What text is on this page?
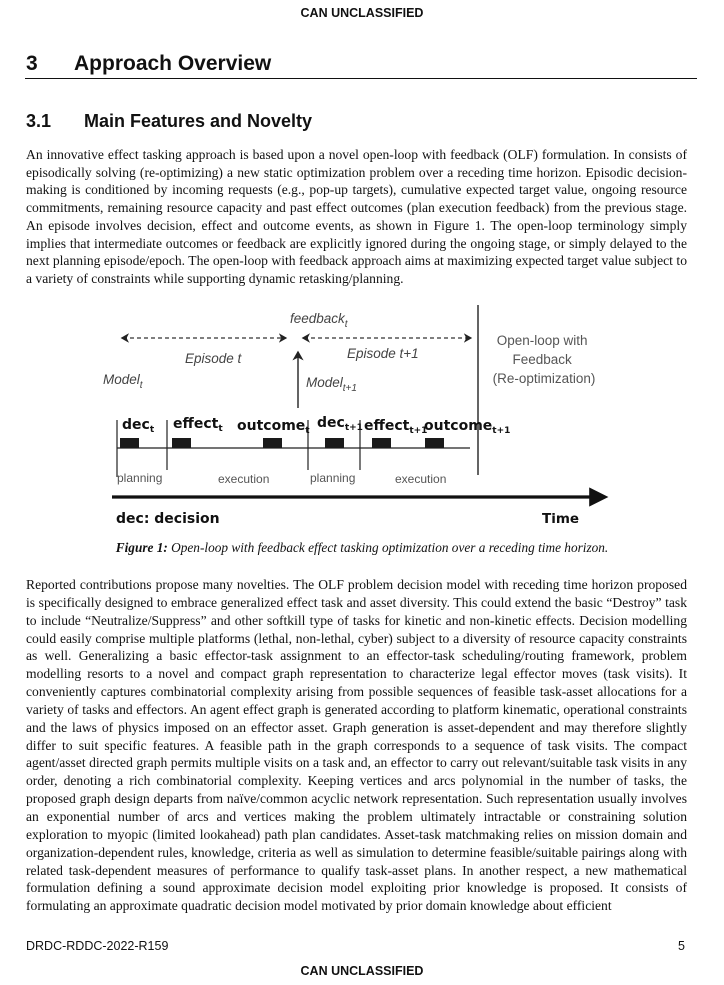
CAN UNCLASSIFIED
3 Approach Overview
3.1 Main Features and Novelty
An innovative effect tasking approach is based upon a novel open-loop with feedback (OLF) formulation. In consists of episodically solving (re-optimizing) a new static optimization problem over a receding time horizon. Episodic decision-making is conditioned by incoming requests (e.g., pop-up targets), cumulative expected target value, ongoing resource commitments, remaining resource capacity and past effect outcomes (plan execution feedback) from the previous stage. An episode involves decision, effect and outcome events, as shown in Figure 1. The open-loop terminology simply implies that intermediate outcomes or feedback are explicitly ignored during the ongoing stage, or simply delayed to the next planning episode/epoch. The open-loop with feedback approach aims at maximizing expected target value subject to a variety of constraints while supporting dynamic retasking/planning.
feedback$_t$
Episode t	Episode t+1
Model$_t$	Model$_{t+1}$
Open-loop with Feedback (Re-optimization)
dec$_t$ effect$_t$ outcome$_t$ dec$_{t+1}$ effect$_{t+1}$
outcome$_{t+1}$
planning	execution	planning	execution
dec: decision	Time
Figure 1: Open-loop with feedback effect tasking optimization over a receding time horizon.
Reported contributions propose many novelties. The OLF problem decision model with receding time horizon proposed is specifically designed to embrace generalized effect task and asset diversity. This could extend the basic “Destroy” task to include “Neutralize/Suppress” and other softkill type of tasks for kinetic and non-kinetic effects. Decision modelling could easily comprise multiple platforms (lethal, non-lethal, cyber) subject to a diversity of resource capacity constraints as well. Generalizing a basic effector-task assignment to an effector-task scheduling/routing framework, problem modelling resorts to a novel and compact graph representation to characterize legal effector moves (task visits). It conveniently captures combinatorial complexity arising from possible sequences of feasible task-asset allocations for a variety of tasks and effectors. An agent effect graph is generated according to platform kinematic, operational constraints and the laws of physics imposed on an effector asset. Graph generation is asset-dependent and may therefore slightly differ to suit specific features. A feasible path in the graph corresponds to a sequence of task visits. The compact agent/asset directed graph permits multiple visits on a task and, an effector to carry out relevant/suitable task visits in any order, denoting a rich combinatorial complexity. Keeping vertices and arcs polynomial in the number of tasks, the proposed graph design departs from naïve/common acyclic network representation. Such representation usually involves an exponential number of arcs and vertices making the problem ultimately intractable or constraining solution exploration to myopic (limited lookahead) path plan candidates. Asset-task matchmaking relies on mission domain and organization-dependent rules, knowledge, criteria as well as simulation to determine feasible/suitable pairings along with related task-dependent measures of performance to qualify task-asset plans. In another respect, a new mathematical formulation defining a sound approximate decision model exploiting prior knowledge is proposed. It consists of formulating an approximate quadratic decision model motivated by prior domain knowledge about efficient
DRDC-RDDC-2022-R159	5
CAN UNCLASSIFIED
